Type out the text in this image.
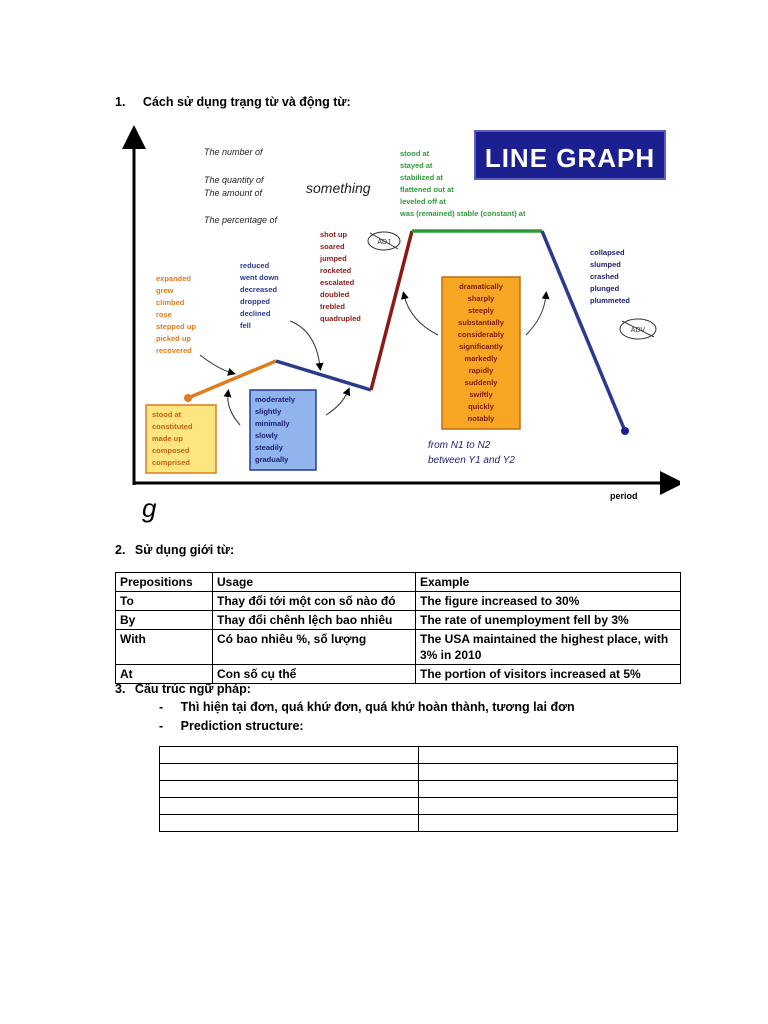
1. Cách sử dụng trạng từ và động từ:
period
g
The number of
The quantity of
The amount of
The percentage of
something
LINE GRAPH
stood at
constituted
made up
composed
comprised
expanded
grew
climbed
rose
stepped up
picked up
recovered
reduced
went down
decreased
dropped
declined
fell
moderately
slightly
minimally
slowly
steadily
gradually
shot up
soared
jumped
rocketed
escalated
doubled
trebled
quadrupled
ADJ
stood at
stayed at
stabilized at
flattened out at
leveled off at
was (remained) stable (constant) at
dramatically
sharply
steeply
substantially
considerably
significantly
markedly
rapidly
suddenly
swiftly
quickly
notably
collapsed
slumped
crashed
plunged
plummeted
ADV
from N1 to N2
between Y1 and Y2
2. Sử dụng giới từ:
Prepositions	Usage	Example
To	Thay đổi tới một con số nào đó	The figure increased to 30%
By	Thay đổi chênh lệch bao nhiêu	The rate of unemployment fell by 3%
With	Có bao nhiêu %, số lượng	The USA maintained the highest place, with 3% in 2010
At	Con số cụ thể	The portion of visitors increased at 5%
3. Cấu trúc ngữ pháp:
- Thì hiện tại đơn, quá khứ đơn, quá khứ hoàn thành, tương lai đơn
- Prediction structure:
